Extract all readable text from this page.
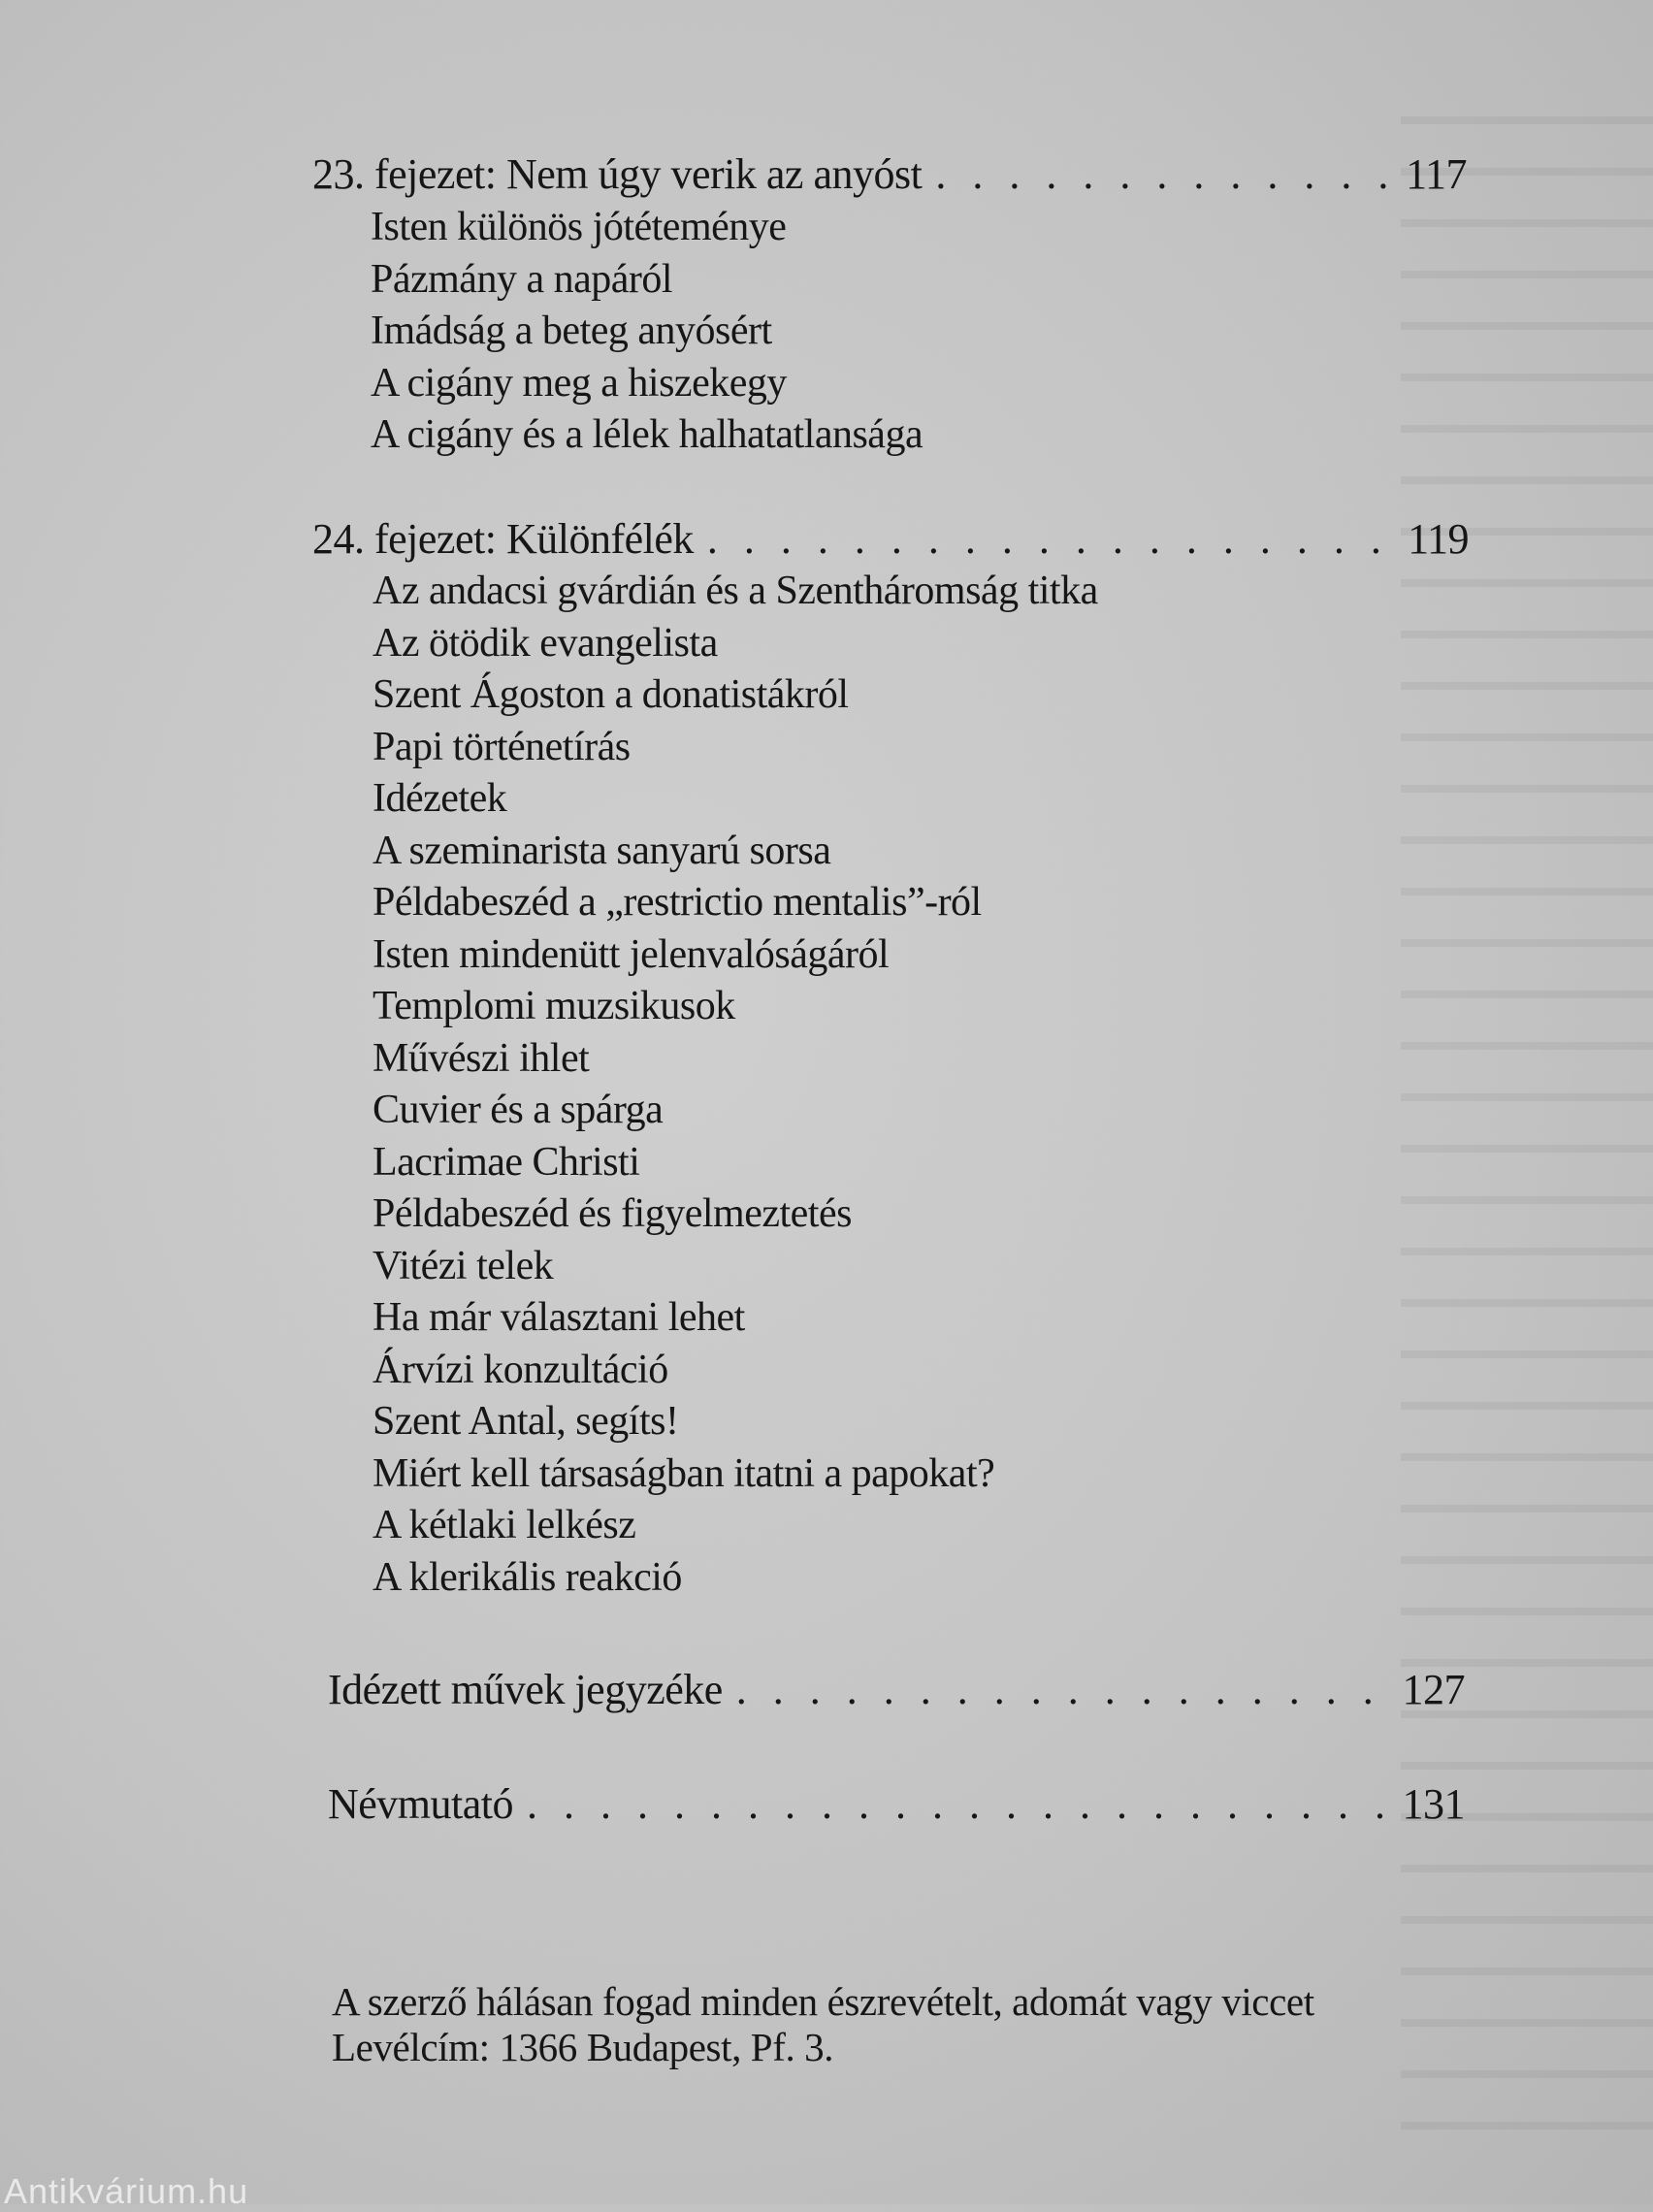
23. fejezet: Nem úgy verik az anyóst . . .	117
Isten különös jótéteménye
Pázmány a napáról
Imádság a beteg anyósért
A cigány meg a hiszekegy
A cigány és a lélek halhatatlansága
24. fejezet: Különfélék . . .	119
Az andacsi gvárdián és a Szentháromság titka
Az ötödik evangelista
Szent Ágoston a donatistákról
Papi történetírás
Idézetek
A szeminarista sanyarú sorsa
Példabeszéd a „restrictio mentalis”-ról
Isten mindenütt jelenvalóságáról
Templomi muzsikusok
Művészi ihlet
Cuvier és a spárga
Lacrimae Christi
Példabeszéd és figyelmeztetés
Vitézi telek
Ha már választani lehet
Árvízi konzultáció
Szent Antal, segíts!
Miért kell társaságban itatni a papokat?
A kétlaki lelkész
A klerikális reakció
Idézett művek jegyzéke . . .	127
Névmutató . . .	131
A szerző hálásan fogad minden észrevételt, adomát vagy viccet
Levélcím: 1366 Budapest, Pf. 3.
Antikvárium.hu
